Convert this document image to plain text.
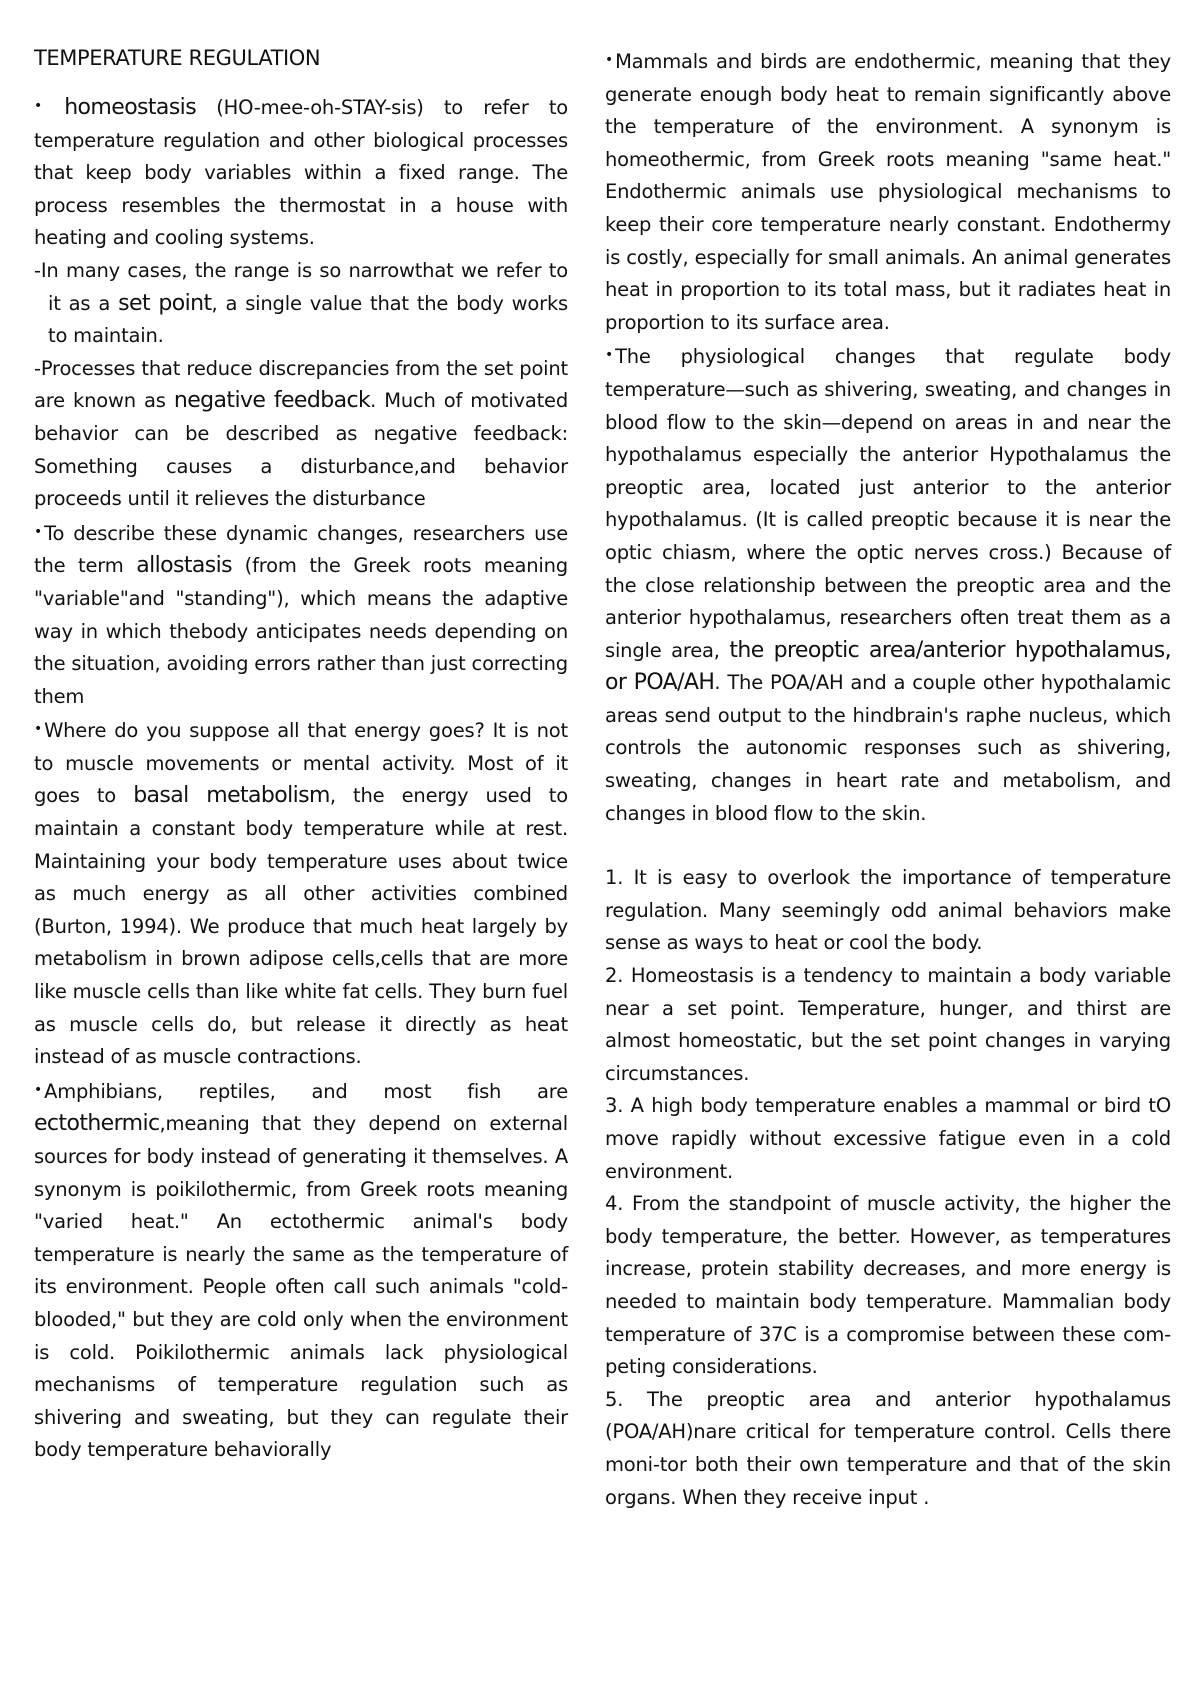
TEMPERATURE REGULATION

• homeostasis (HO-mee-oh-STAY-sis) to refer to temperature regulation and other biological processes that keep body variables within a fixed range. The process resembles the thermostat in a house with heating and cooling systems.

-In many cases, the range is so narrowthat we refer to it as a set point, a single value that the body works to maintain.

-Processes that reduce discrepancies from the set point are known as negative feedback. Much of motivated behavior can be described as negative feedback: Something causes a disturbance,and behavior proceeds until it relieves the disturbance

• To describe these dynamic changes, researchers use the term allostasis (from the Greek roots meaning "variable"and "standing"), which means the adaptive way in which thebody anticipates needs depending on the situation, avoiding errors rather than just correcting them

• Where do you suppose all that energy goes? It is not to muscle movements or mental activity. Most of it goes to basal metabolism, the energy used to maintain a constant body temperature while at rest. Maintaining your body temperature uses about twice as much energy as all other activities combined (Burton, 1994). We produce that much heat largely by metabolism in brown adipose cells,cells that are more like muscle cells than like white fat cells. They burn fuel as muscle cells do, but release it directly as heat instead of as muscle contractions.

• Amphibians, reptiles, and most fish are ectothermic,meaning that they depend on external sources for body instead of generating it themselves. A synonym is poikilothermic, from Greek roots meaning "varied heat." An ectothermic animal's body temperature is nearly the same as the temperature of its environment. People often call such animals "cold-blooded," but they are cold only when the environment is cold. Poikilothermic animals lack physiological mechanisms of temperature regulation such as shivering and sweating, but they can regulate their body temperature behaviorally

• Mammals and birds are endothermic, meaning that they generate enough body heat to remain significantly above the temperature of the environment. A synonym is homeothermic, from Greek roots meaning "same heat." Endothermic animals use physiological mechanisms to keep their core temperature nearly constant. Endothermy is costly, especially for small animals. An animal generates heat in proportion to its total mass, but it radiates heat in proportion to its surface area.

• The physiological changes that regulate body temperature—such as shivering, sweating, and changes in blood flow to the skin—depend on areas in and near the hypothalamus especially the anterior Hypothalamus the preoptic area, located just anterior to the anterior hypothalamus. (It is called preoptic because it is near the optic chiasm, where the optic nerves cross.) Because of the close relationship between the preoptic area and the anterior hypothalamus, researchers often treat them as a single area, the preoptic area/anterior hypothalamus, or POA/AH. The POA/AH and a couple other hypothalamic areas send output to the hindbrain's raphe nucleus, which controls the autonomic responses such as shivering, sweating, changes in heart rate and metabolism, and changes in blood flow to the skin.

1. It is easy to overlook the importance of temperature regulation. Many seemingly odd animal behaviors make sense as ways to heat or cool the body.

2. Homeostasis is a tendency to maintain a body variable near a set point. Temperature, hunger, and thirst are almost homeostatic, but the set point changes in varying circumstances.

3. A high body temperature enables a mammal or bird tO move rapidly without excessive fatigue even in a cold environment.

4. From the standpoint of muscle activity, the higher the body temperature, the better. However, as temperatures increase, protein stability decreases, and more energy is needed to maintain body temperature. Mammalian body temperature of 37C is a compromise between these com-peting considerations.

5. The preoptic area and anterior hypothalamus (POA/AH)nare critical for temperature control. Cells there moni-tor both their own temperature and that of the skin organs. When they receive input .
